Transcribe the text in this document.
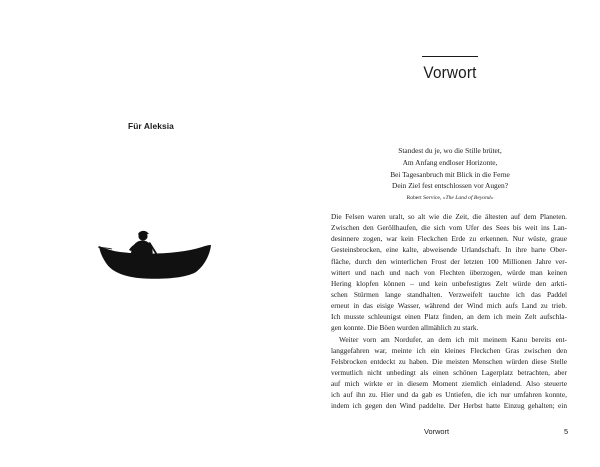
Für Aleksia

Vorwort
Standest du je, wo die Stille brütet,
Am Anfang endloser Horizonte,
Bei Tagesanbruch mit Blick in die Ferne
Dein Ziel fest entschlossen vor Augen?
Robert Service, »The Land of Beyond«
Die Felsen waren uralt, so alt wie die Zeit, die ältesten auf dem Planeten.
Zwischen den Geröllhaufen, die sich vom Ufer des Sees bis weit ins Lan-
desinnere zogen, war kein Fleckchen Erde zu erkennen. Nur wüste, graue
Gesteinsbrocken, eine kalte, abweisende Urlandschaft. In ihre harte Ober-
fläche, durch den winterlichen Frost der letzten 100 Millionen Jahre ver-
wittert und nach und nach von Flechten überzogen, würde man keinen
Hering klopfen können – und kein unbefestigtes Zelt würde den arkti-
schen Stürmen lange standhalten. Verzweifelt tauchte ich das Paddel
erneut in das eisige Wasser, während der Wind mich aufs Land zu trieb.
Ich musste schleunigst einen Platz finden, an dem ich mein Zelt aufschla-
gen konnte. Die Böen wurden allmählich zu stark.
Weiter vorn am Nordufer, an dem ich mit meinem Kanu bereits ent-
langgefahren war, meinte ich ein kleines Fleckchen Gras zwischen den
Felsbrocken entdeckt zu haben. Die meisten Menschen würden diese Stelle
vermutlich nicht unbedingt als einen schönen Lagerplatz betrachten, aber
auf mich wirkte er in diesem Moment ziemlich einladend. Also steuerte
ich auf ihn zu. Hier und da gab es Untiefen, die ich nur umfahren konnte,
indem ich gegen den Wind paddelte. Der Herbst hatte Einzug gehalten; ein

Vorwort	5
